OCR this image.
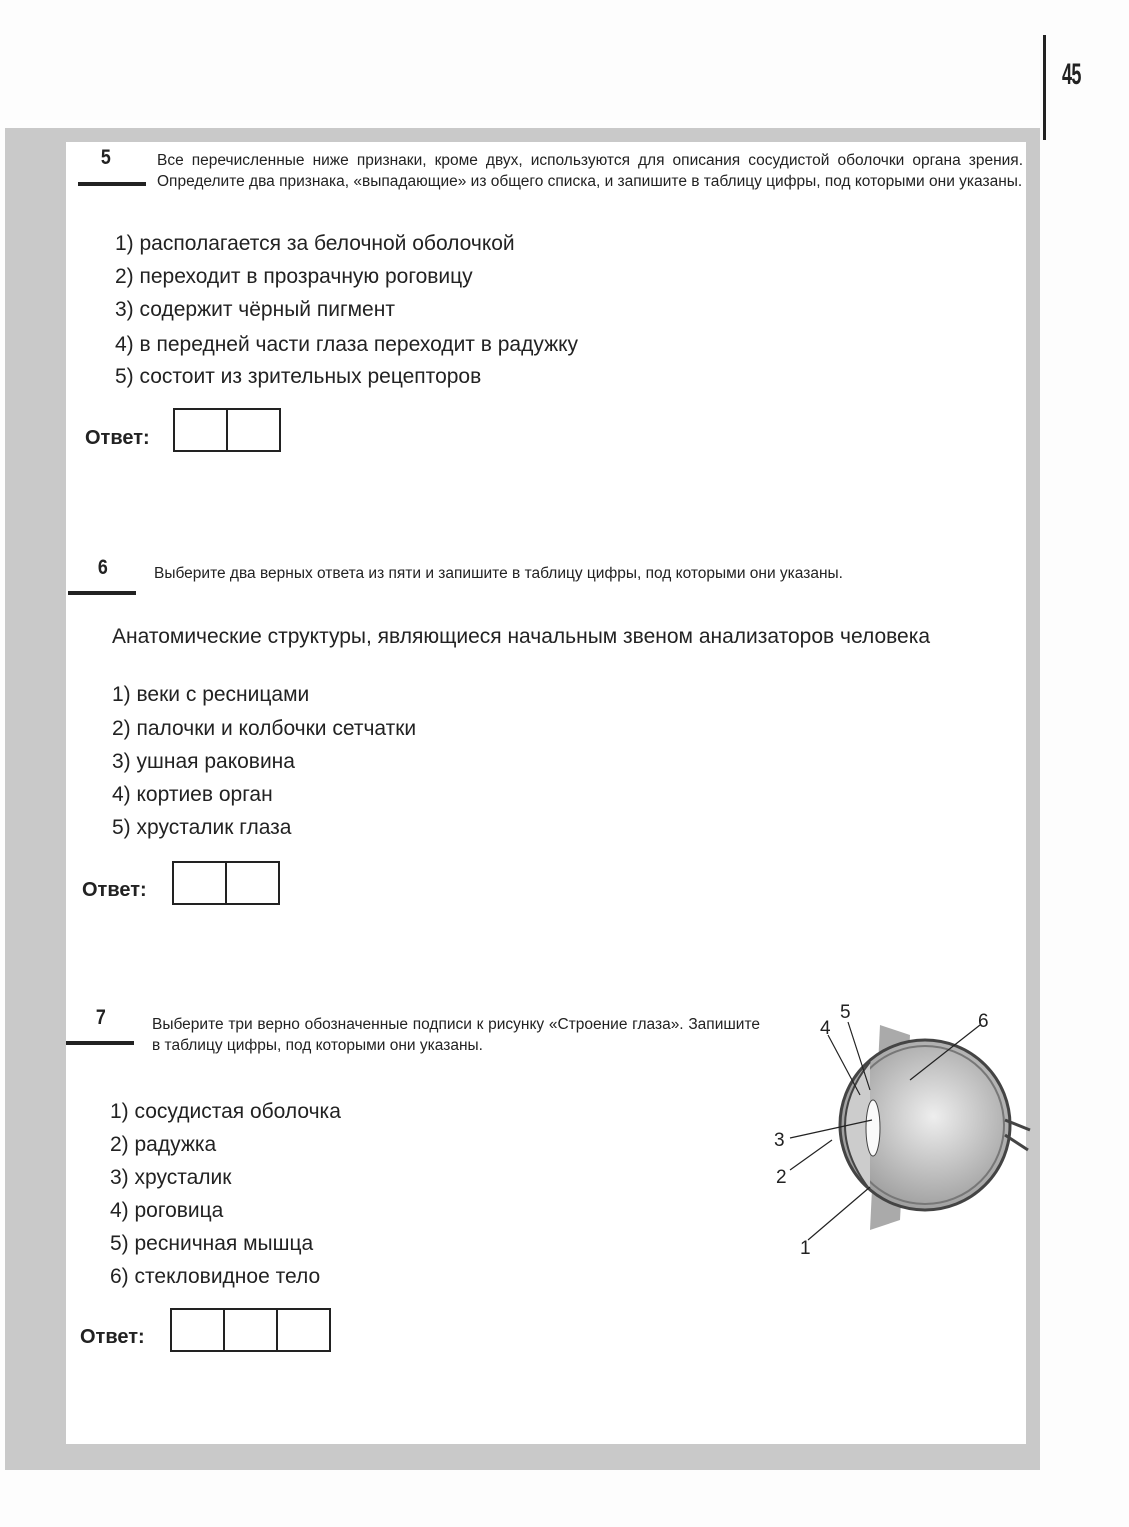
45
5	Все перечисленные ниже признаки, кроме двух, используются для описания сосудистой оболочки органа зрения. Определите два признака, «выпадающие» из общего списка, и запишите в таблицу цифры, под которыми они указаны.
1) располагается за белочной оболочкой
2) переходит в прозрачную роговицу
3) содержит чёрный пигмент
4) в передней части глаза переходит в радужку
5) состоит из зрительных рецепторов
Ответ:
6	Выберите два верных ответа из пяти и запишите в таблицу цифры, под которыми они указаны.
Анатомические структуры, являющиеся начальным звеном анализаторов человека
1) веки с ресницами
2) палочки и колбочки сетчатки
3) ушная раковина
4) кортиев орган
5) хрусталик глаза
Ответ:
7	Выберите три верно обозначенные подписи к рисунку «Строение глаза». Запишите в таблицу цифры, под которыми они указаны.
1) сосудистая оболочка
2) радужка
3) хрусталик
4) роговица
5) ресничная мышца
6) стекловидное тело
Ответ:
1
2
3
4
5	6
